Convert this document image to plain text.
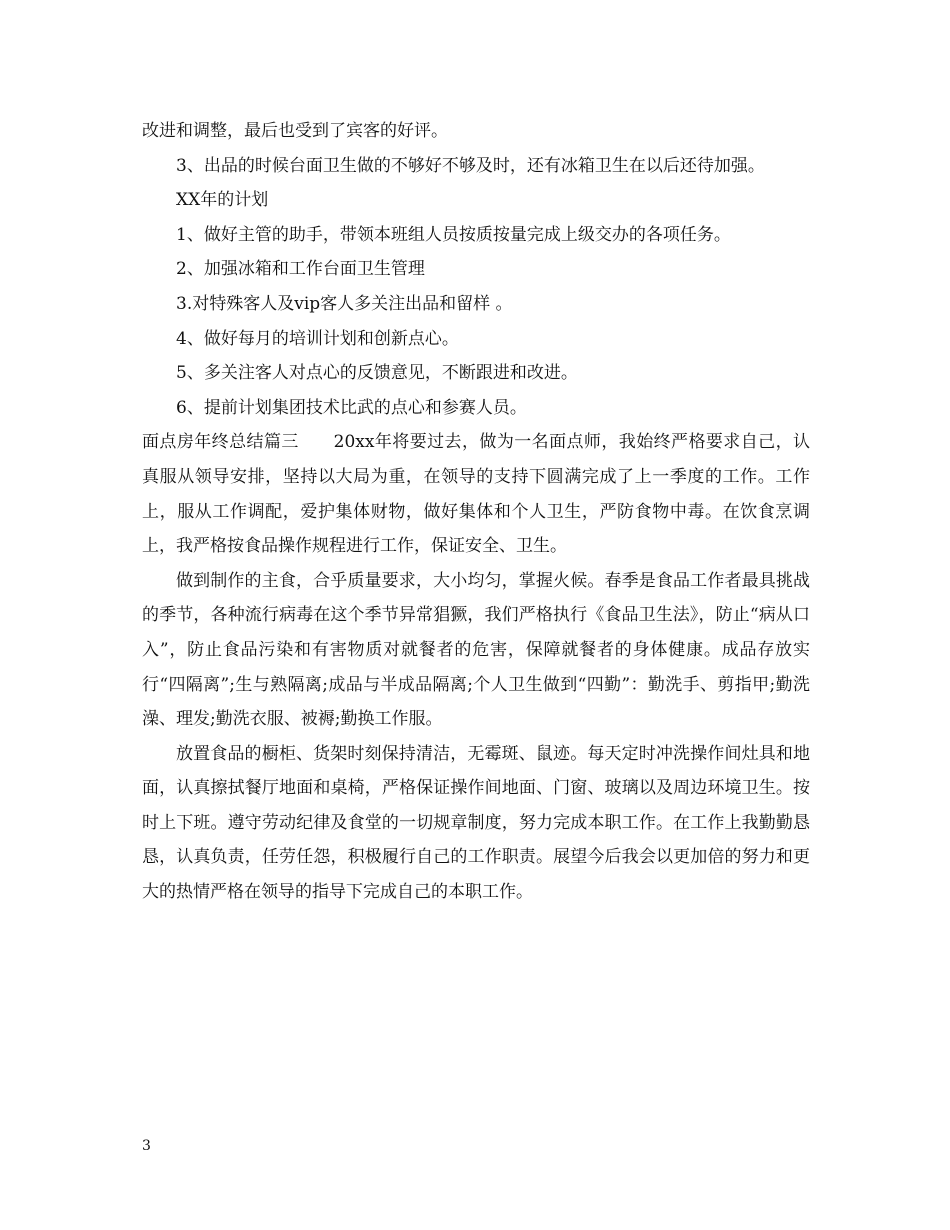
改进和调整，最后也受到了宾客的好评。

3、出品的时候台面卫生做的不够好不够及时，还有冰箱卫生在以后还待加强。

XX年的计划

1、做好主管的助手，带领本班组人员按质按量完成上级交办的各项任务。

2、加强冰箱和工作台面卫生管理

3.对特殊客人及vip客人多关注出品和留样 。

4、做好每月的培训计划和创新点心。

5、多关注客人对点心的反馈意见，不断跟进和改进。

6、提前计划集团技术比武的点心和参赛人员。

面点房年终总结篇三　　20xx年将要过去，做为一名面点师，我始终严格要求自己，认真服从领导安排，坚持以大局为重，在领导的支持下圆满完成了上一季度的工作。工作上，服从工作调配，爱护集体财物，做好集体和个人卫生，严防食物中毒。在饮食烹调上，我严格按食品操作规程进行工作，保证安全、卫生。

做到制作的主食，合乎质量要求，大小均匀，掌握火候。春季是食品工作者最具挑战的季节，各种流行病毒在这个季节异常猖獗，我们严格执行《食品卫生法》，防止“病从口入”，防止食品污染和有害物质对就餐者的危害，保障就餐者的身体健康。成品存放实行“四隔离”;生与熟隔离;成品与半成品隔离;个人卫生做到“四勤”：勤洗手、剪指甲;勤洗澡、理发;勤洗衣服、被褥;勤换工作服。

放置食品的橱柜、货架时刻保持清洁，无霉斑、鼠迹。每天定时冲洗操作间灶具和地面，认真擦拭餐厅地面和桌椅，严格保证操作间地面、门窗、玻璃以及周边环境卫生。按时上下班。遵守劳动纪律及食堂的一切规章制度，努力完成本职工作。在工作上我勤勤恳恳，认真负责，任劳任怨，积极履行自己的工作职责。展望今后我会以更加倍的努力和更大的热情严格在领导的指导下完成自己的本职工作。

3
